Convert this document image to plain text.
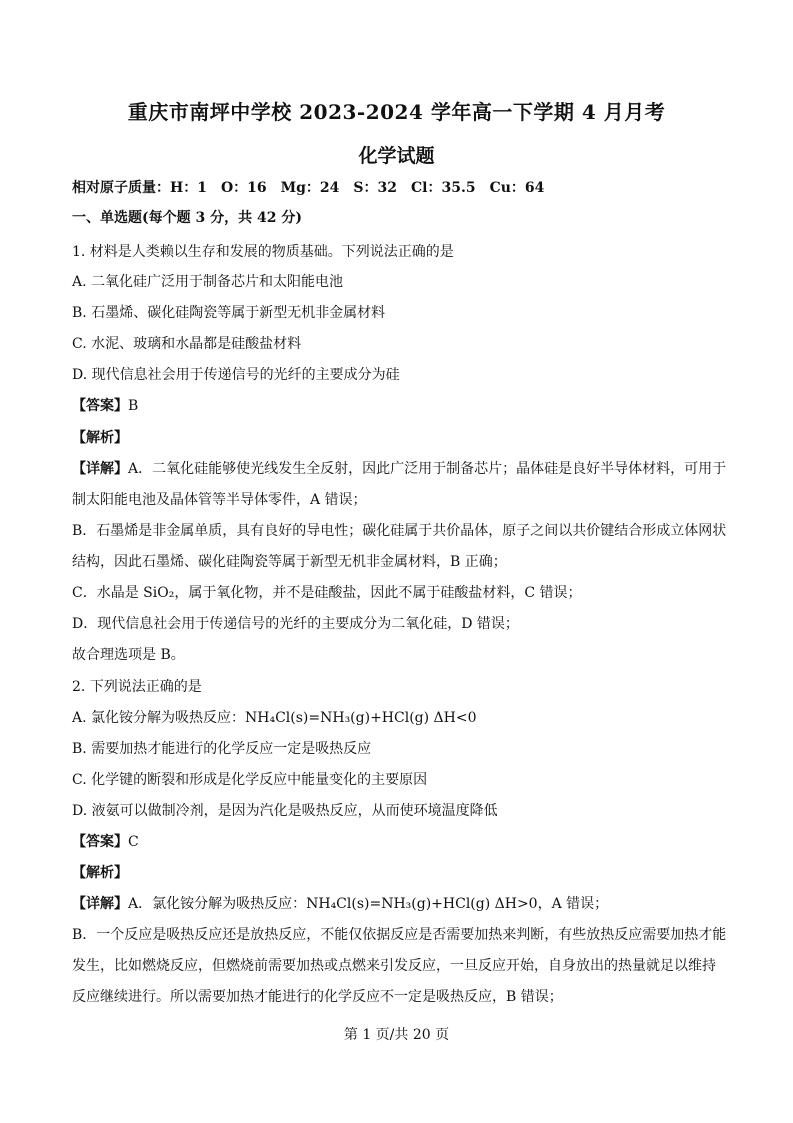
重庆市南坪中学校 2023-2024 学年高一下学期 4 月月考
化学试题
相对原子质量：H：1　O：16　Mg：24　S：32　Cl：35.5　Cu：64
一、单选题(每个题 3 分，共 42 分)
1. 材料是人类赖以生存和发展的物质基础。下列说法正确的是
A. 二氧化硅广泛用于制备芯片和太阳能电池
B. 石墨烯、碳化硅陶瓷等属于新型无机非金属材料
C. 水泥、玻璃和水晶都是硅酸盐材料
D. 现代信息社会用于传递信号的光纤的主要成分为硅
【答案】B
【解析】
【详解】A．二氧化硅能够使光线发生全反射，因此广泛用于制备芯片；晶体硅是良好半导体材料，可用于
制太阳能电池及晶体管等半导体零件，A 错误；
B．石墨烯是非金属单质，具有良好的导电性；碳化硅属于共价晶体，原子之间以共价键结合形成立体网状
结构，因此石墨烯、碳化硅陶瓷等属于新型无机非金属材料，B 正确；
C．水晶是 SiO₂，属于氧化物，并不是硅酸盐，因此不属于硅酸盐材料，C 错误；
D．现代信息社会用于传递信号的光纤的主要成分为二氧化硅，D 错误；
故合理选项是 B。
2. 下列说法正确的是
A. 氯化铵分解为吸热反应：NH₄Cl(s)=NH₃(g)+HCl(g) ΔH<0
B. 需要加热才能进行的化学反应一定是吸热反应
C. 化学键的断裂和形成是化学反应中能量变化的主要原因
D. 液氨可以做制冷剂，是因为汽化是吸热反应，从而使环境温度降低
【答案】C
【解析】
【详解】A．氯化铵分解为吸热反应：NH₄Cl(s)=NH₃(g)+HCl(g) ΔH>0，A 错误；
B．一个反应是吸热反应还是放热反应，不能仅依据反应是否需要加热来判断，有些放热反应需要加热才能
发生，比如燃烧反应，但燃烧前需要加热或点燃来引发反应，一旦反应开始，自身放出的热量就足以维持
反应继续进行。所以需要加热才能进行的化学反应不一定是吸热反应，B 错误；
第 1 页/共 20 页
